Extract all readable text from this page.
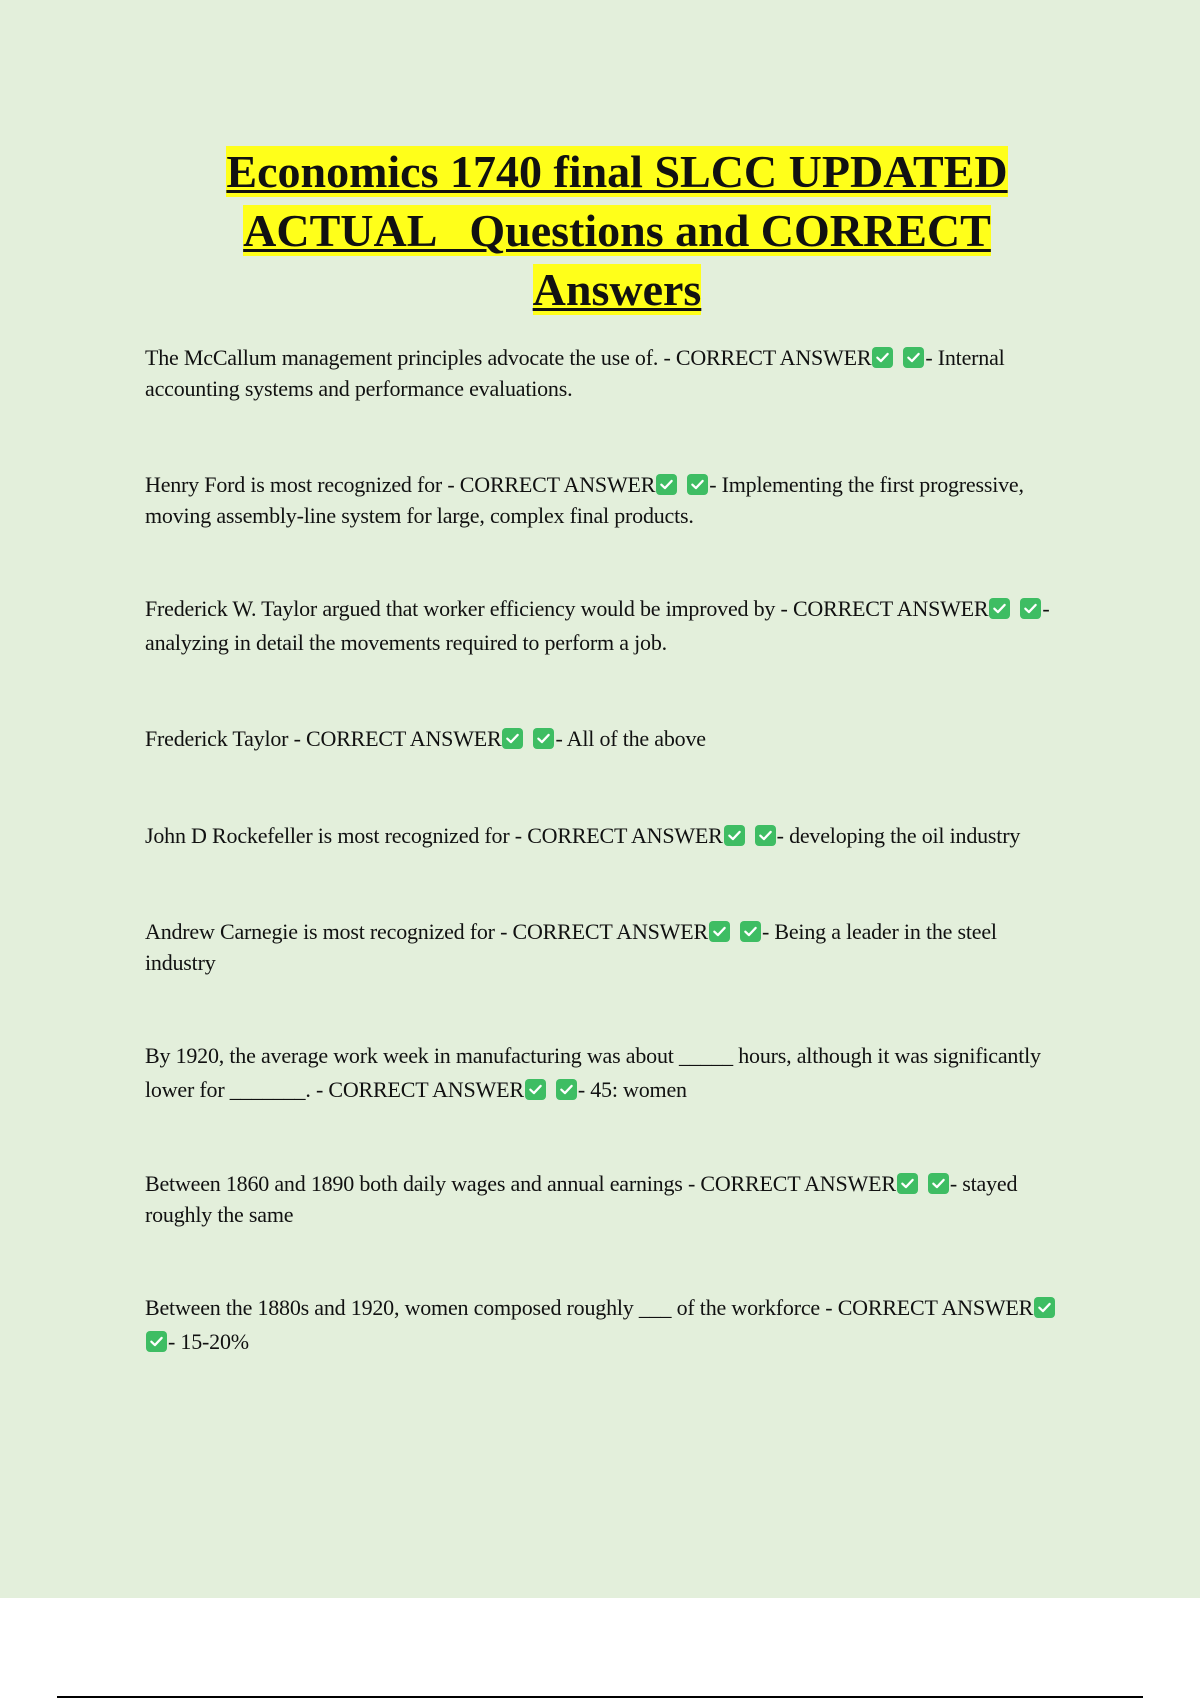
Economics 1740 final SLCC UPDATED
ACTUAL   Questions and CORRECT
Answers

The McCallum management principles advocate the use of. - CORRECT ANSWER - Internal accounting systems and performance evaluations.

Henry Ford is most recognized for - CORRECT ANSWER - Implementing the first progressive, moving assembly-line system for large, complex final products.

Frederick W. Taylor argued that worker efficiency would be improved by - CORRECT ANSWER - analyzing in detail the movements required to perform a job.

Frederick Taylor - CORRECT ANSWER - All of the above

John D Rockefeller is most recognized for - CORRECT ANSWER - developing the oil industry

Andrew Carnegie is most recognized for - CORRECT ANSWER - Being a leader in the steel industry

By 1920, the average work week in manufacturing was about _____ hours, although it was significantly lower for _______. - CORRECT ANSWER - 45: women

Between 1860 and 1890 both daily wages and annual earnings - CORRECT ANSWER - stayed roughly the same

Between the 1880s and 1920, women composed roughly ___ of the workforce - CORRECT ANSWER
- 15-20%
